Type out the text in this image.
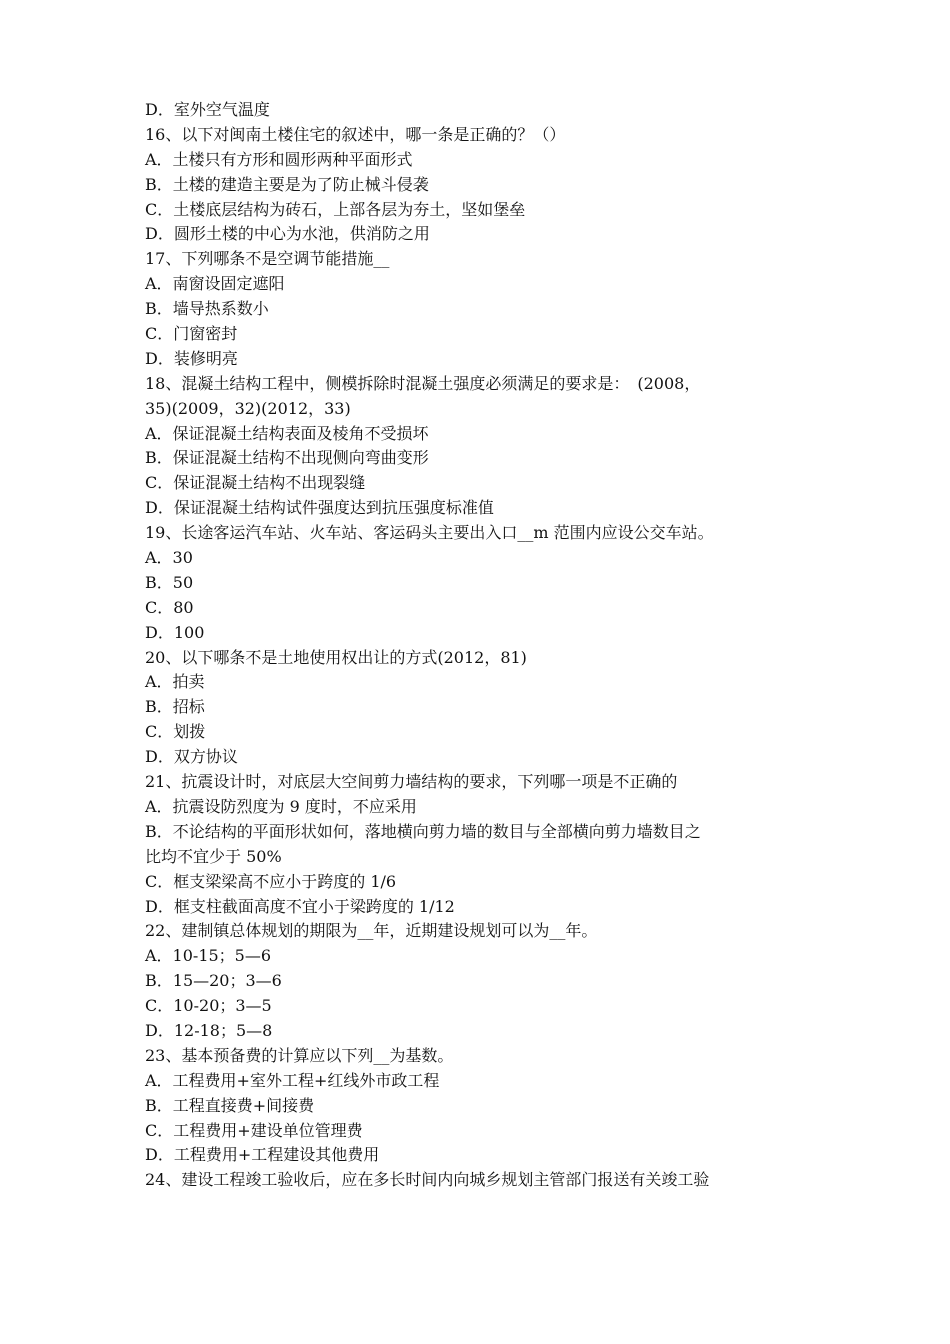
D．室外空气温度
16、以下对闽南土楼住宅的叙述中，哪一条是正确的？（）
A．土楼只有方形和圆形两种平面形式
B．土楼的建造主要是为了防止械斗侵袭
C．土楼底层结构为砖石，上部各层为夯土，坚如堡垒
D．圆形土楼的中心为水池，供消防之用
17、下列哪条不是空调节能措施__
A．南窗设固定遮阳
B．墙导热系数小
C．门窗密封
D．装修明亮
18、混凝土结构工程中，侧模拆除时混凝土强度必须满足的要求是：　(2008，
35)(2009，32)(2012，33)
A．保证混凝土结构表面及棱角不受损坏
B．保证混凝土结构不出现侧向弯曲变形
C．保证混凝土结构不出现裂缝
D．保证混凝土结构试件强度达到抗压强度标准值
19、长途客运汽车站、火车站、客运码头主要出入口__m 范围内应设公交车站。
A．30
B．50
C．80
D．100
20、以下哪条不是土地使用权出让的方式(2012，81)
A．拍卖
B．招标
C．划拨
D．双方协议
21、抗震设计时，对底层大空间剪力墙结构的要求，下列哪一项是不正确的
A．抗震设防烈度为 9 度时，不应采用
B．不论结构的平面形状如何，落地横向剪力墙的数目与全部横向剪力墙数目之
比均不宜少于 50%
C．框支梁梁高不应小于跨度的 1/6
D．框支柱截面高度不宜小于梁跨度的 1/12
22、建制镇总体规划的期限为__年，近期建设规划可以为__年。
A．10-15；5—6
B．15—20；3—6
C．10-20；3—5
D．12-18；5—8
23、基本预备费的计算应以下列__为基数。
A．工程费用+室外工程+红线外市政工程
B．工程直接费+间接费
C．工程费用+建设单位管理费
D．工程费用+工程建设其他费用
24、建设工程竣工验收后，应在多长时间内向城乡规划主管部门报送有关竣工验
